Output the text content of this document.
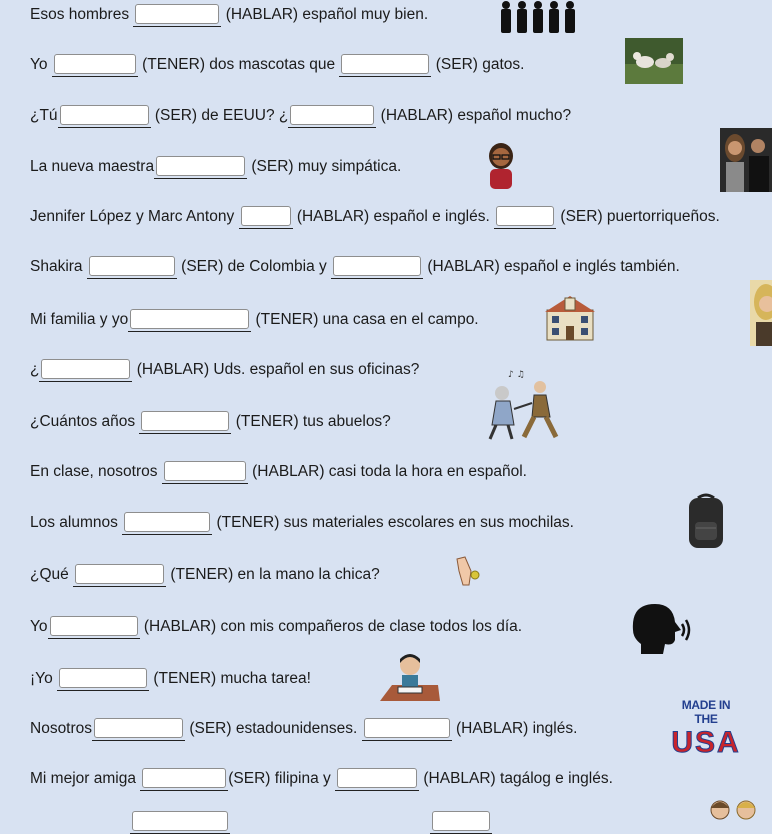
Esos hombres	(HABLAR) español muy bien.
Yo	(TENER) dos mascotas que	(SER) gatos.
¿Tú	(SER) de EEUU? ¿	(HABLAR) español mucho?
La nueva maestra	(SER) muy simpática.
Jennifer López y Marc Antony	(HABLAR) español e inglés.	(SER) puertorriqueños.
Shakira	(SER) de Colombia y	(HABLAR) español e inglés también.
Mi familia y yo	(TENER) una casa en el campo.
¿	(HABLAR) Uds. español en sus oficinas?
¿Cuántos años	(TENER) tus abuelos?
En clase, nosotros	(HABLAR) casi toda la hora en español.
Los alumnos	(TENER) sus materiales escolares en sus mochilas.
¿Qué	(TENER) en la mano la chica?
Yo	(HABLAR) con mis compañeros de clase todos los día.
¡Yo	(TENER) mucha tarea!
Nosotros	(SER) estadounidenses.	(HABLAR) inglés.
Mi mejor amiga	(SER) filipina y	(HABLAR) tagálog e inglés.
♪ ♫
MADE IN THE
USA
